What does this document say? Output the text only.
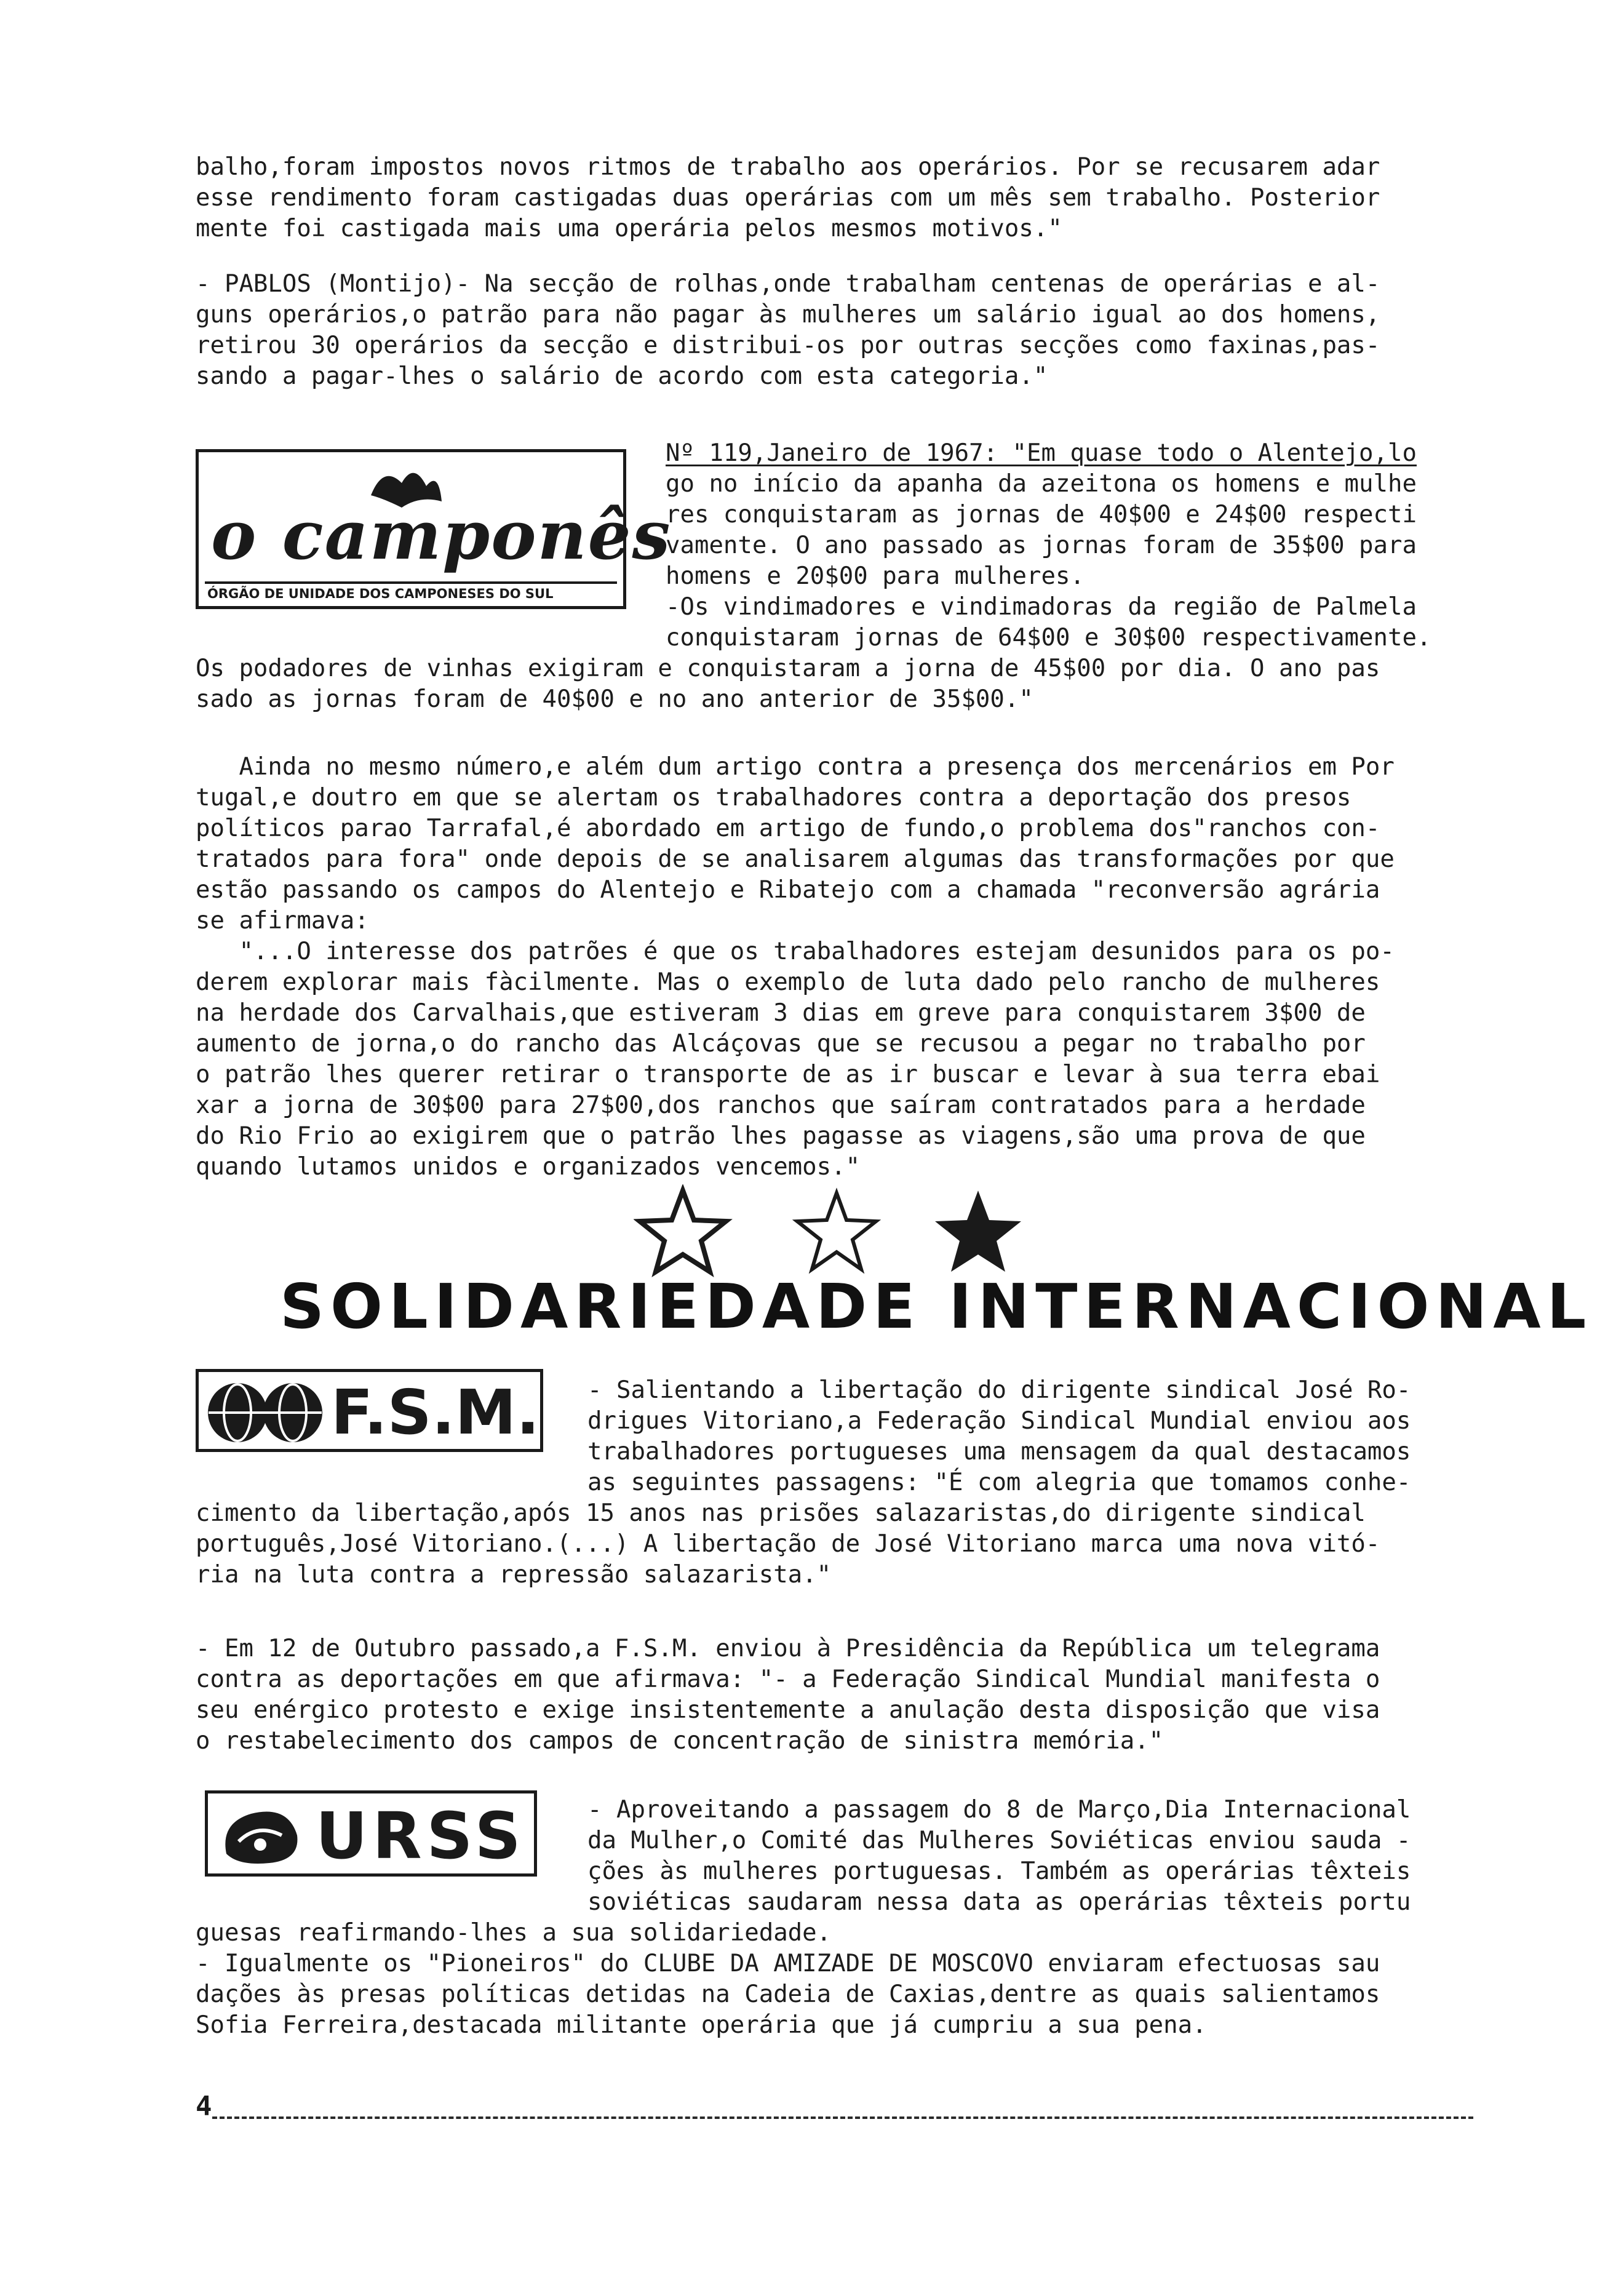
balho,foram impostos novos ritmos de trabalho aos operários. Por se recusarem adar
esse rendimento foram castigadas duas operárias com um mês sem trabalho. Posterior
mente foi castigada mais uma operária pelos mesmos motivos."
- PABLOS (Montijo)- Na secção de rolhas,onde trabalham centenas de operárias e al-
guns operários,o patrão para não pagar às mulheres um salário igual ao dos homens,
retirou 30 operários da secção e distribui-os por outras secções como faxinas,pas-
sando a pagar-lhes o salário de acordo com esta categoria."
o camponês
ÓRGÃO DE UNIDADE DOS CAMPONESES DO SUL
Nº 119,Janeiro de 1967: "Em quase todo o Alentejo,lo
go no início da apanha da azeitona os homens e mulhe
res conquistaram as jornas de 40$00 e 24$00 respecti
vamente. O ano passado as jornas foram de 35$00 para
homens e 20$00 para mulheres.
-Os vindimadores e vindimadoras da região de Palmela
conquistaram jornas de 64$00 e 30$00 respectivamente.
Os podadores de vinhas exigiram e conquistaram a jorna de 45$00 por dia. O ano pas
sado as jornas foram de 40$00 e no ano anterior de 35$00."
Ainda no mesmo número,e além dum artigo contra a presença dos mercenários em Por
tugal,e doutro em que se alertam os trabalhadores contra a deportação dos presos
políticos parao Tarrafal,é abordado em artigo de fundo,o problema dos"ranchos con-
tratados para fora" onde depois de se analisarem algumas das transformações por que
estão passando os campos do Alentejo e Ribatejo com a chamada "reconversão agrária
se afirmava:
"...O interesse dos patrões é que os trabalhadores estejam desunidos para os po-
derem explorar mais fàcilmente. Mas o exemplo de luta dado pelo rancho de mulheres
na herdade dos Carvalhais,que estiveram 3 dias em greve para conquistarem 3$00 de
aumento de jorna,o do rancho das Alcáçovas que se recusou a pegar no trabalho por
o patrão lhes querer retirar o transporte de as ir buscar e levar à sua terra ebai
xar a jorna de 30$00 para 27$00,dos ranchos que saíram contratados para a herdade
do Rio Frio ao exigirem que o patrão lhes pagasse as viagens,são uma prova de que
quando lutamos unidos e organizados vencemos."
SOLIDARIEDADE INTERNACIONAL
F.S.M. - Salientando a libertação do dirigente sindical José Ro-
drigues Vitoriano,a Federação Sindical Mundial enviou aos
trabalhadores portugueses uma mensagem da qual destacamos
as seguintes passagens: "É com alegria que tomamos conhe-
cimento da libertação,após 15 anos nas prisões salazaristas,do dirigente sindical
português,José Vitoriano.(...) A libertação de José Vitoriano marca uma nova vitó-
ria na luta contra a repressão salazarista."
- Em 12 de Outubro passado,a F.S.M. enviou à Presidência da República um telegrama
contra as deportações em que afirmava: "- a Federação Sindical Mundial manifesta o
seu enérgico protesto e exige insistentemente a anulação desta disposição que visa
o restabelecimento dos campos de concentração de sinistra memória."
URSS	- Aproveitando a passagem do 8 de Março,Dia Internacional
da Mulher,o Comité das Mulheres Soviéticas enviou sauda -
ções às mulheres portuguesas. Também as operárias têxteis
soviéticas saudaram nessa data as operárias têxteis portu
guesas reafirmando-lhes a sua solidariedade.
- Igualmente os "Pioneiros" do CLUBE DA AMIZADE DE MOSCOVO enviaram efectuosas sau
dações às presas políticas detidas na Cadeia de Caxias,dentre as quais salientamos
Sofia Ferreira,destacada militante operária que já cumpriu a sua pena.
4
